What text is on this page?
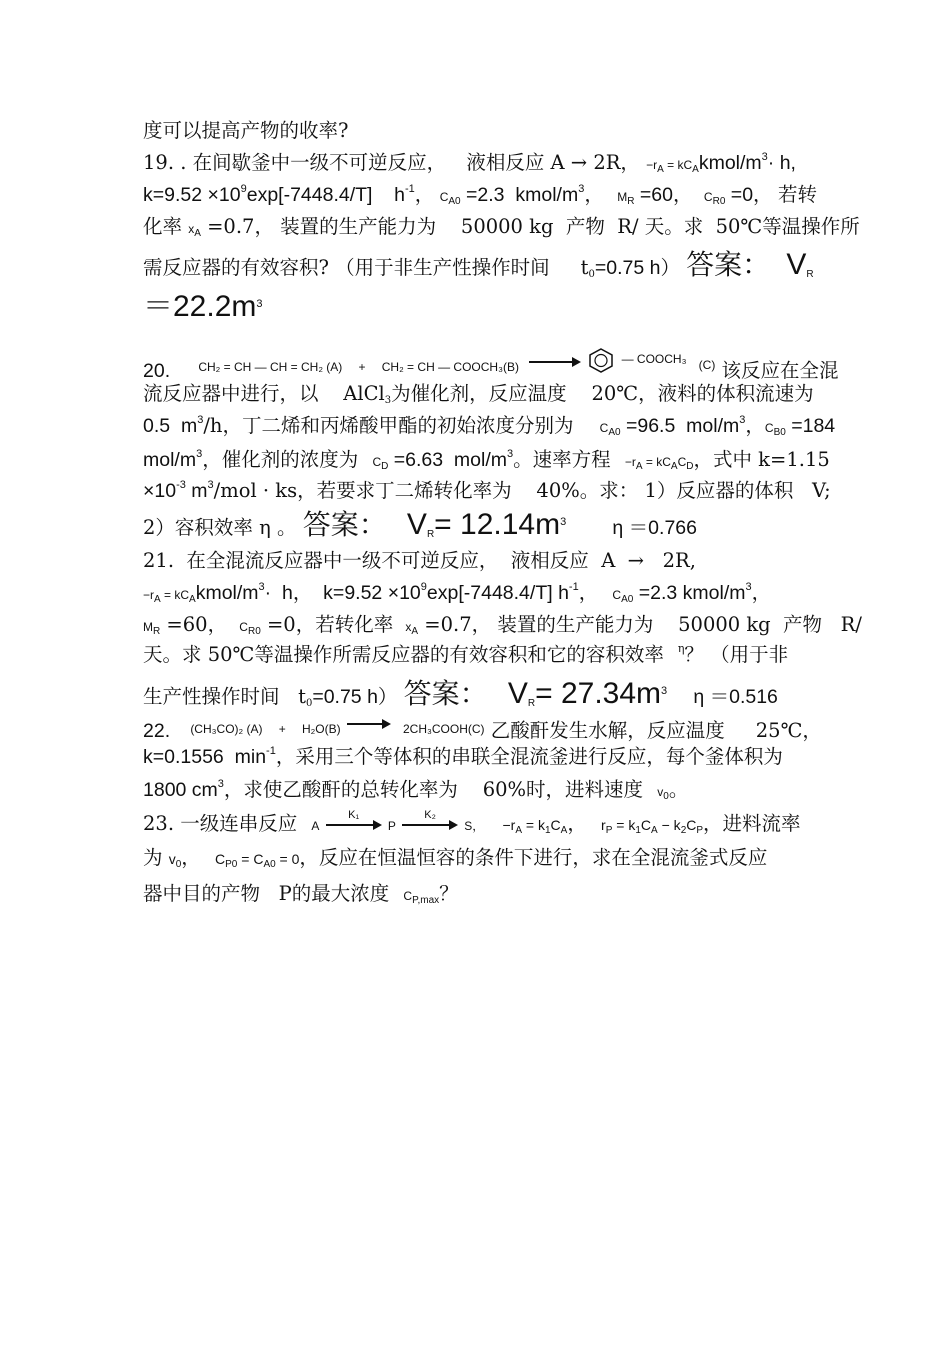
度可以提高产物的收率?
19. . 在间歇釜中一级不可逆反应， 液相反应 A → 2R， $-r_A$ = $kC_Akmol/m^3\cdot h$,
$k=9.52 \times 10^9\exp[-7448.4/T]$    $h^{-1}$， $C_{A0} =2.3$  kmol/$m^3$， $M_R =60$， $C_{R0} =0$， 若转
化率 $x_A =0.7$， 装置的生产能力为    50000 kg  产物  R/ 天。求  50℃等温操作所
需反应器的有效容积? （用于非生产性操作时间     $t_0=0.75$ h） 答案： $V_R$
$=22.2m^3$
20. $^{CH_2 = CH — CH = CH_2 (A)}$ + $^{CH_2 = CH — COOCH_3(B)}$   $^{— COOCH_3}$ $^{(C)}$ 该反应在全混
流反应器中进行，以    AlCl$_3$为催化剂，反应温度    20℃，液料的体积流速为
0.5  $m^3/h$，丁二烯和丙烯酸甲酯的初始浓度分别为 $C_{A0} =96.5$  mol/$m^3$，$C_{B0} =184$
mol/$m^3$，催化剂的浓度为 $C_D =6.63$  mol/$m^3$。速率方程 $-r_A = kC_AC_D$，式中 k=1.15
$\times 10^{-3}$ $m^3$/mol · ks，若要求丁二烯转化率为    40%。求： 1）反应器的体积   V;
2）容积效率 η 。 答案： $V_R= 12.14m^3$ η ＝0.766
21.  在全混流反应器中一级不可逆反应，  液相反应  A  →   2R,
$-r_A$ = $kC_Akmol/m^3\cdot h$，  $k=9.52 \times 10^9\exp[-7448.4/T]$ $h^{-1}$， $C_{A0} =2.3$ kmol/$m^3$，
$M_R =60$， $C_{R0} =0$，若转化率 $x_A =0.7$， 装置的生产能力为    50000 kg  产物   R/
天。求 50℃等温操作所需反应器的有效容积和它的容积效率 $^\eta$？ （用于非
生产性操作时间   $t_0=0.75$ h） 答案： $V_R= 27.34m^3$ η ＝0.516
22. $^{(CH_3CO)_2 (A)}$ + $^{H_2O(B)}$	$^{2CH_3COOH(C)}$ 乙酸酐发生水解，反应温度     25℃，
k=0.1556  $\min^{-1}$，采用三个等体积的串联全混流釜进行反应，每个釜体积为
1800 $cm^3$，求使乙酸酐的总转化率为    60%时，进料速度 $v_0$。
23. 一级连串反应 A
K₁
P
K₂
S， $-r_A = k_1C_A$， $r_P = k_1C_A - k_2C_P$，进料流率
为 $v_0$， $C_{P0} = C_{A0} = 0$，反应在恒温恒容的条件下进行，求在全混流釜式反应
器中目的产物   P的最大浓度 $C_{P,max}$？
